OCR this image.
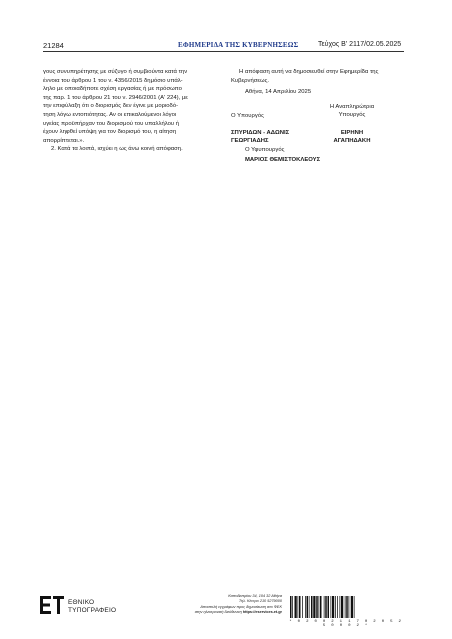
21284	ΕΦΗΜΕΡΙΔΑ ΤΗΣ ΚΥΒΕΡΝΗΣΕΩΣ	Τεύχος Β' 2117/02.05.2025
γους συνυπηρέτησης με σύζυγο ή συμβιούντα κατά την
έννοια του άρθρου 1 του ν. 4356/2015 δημόσιο υπάλ-
ληλο με οποιαδήποτε σχέση εργασίας ή με πρόσωπο
της παρ. 1 του άρθρου 21 του ν. 2946/2001 (Α' 224), με
την επιφύλαξη ότι ο διορισμός δεν έγινε με μοριοδό-
τηση λόγω εντοπιότητας. Αν οι επικαλούμενοι λόγοι
υγείας προϋπήρχαν του διορισμού του υπαλλήλου ή
έχουν ληφθεί υπόψη για τον διορισμό του, η αίτηση
απορρίπτεται.».
2. Κατά τα λοιπά, ισχύει η ως άνω κοινή απόφαση.
Η απόφαση αυτή να δημοσιευθεί στην Εφημερίδα της
Κυβερνήσεως.
Αθήνα, 14 Απριλίου 2025
Η Αναπληρώτρια
Υπουργός
Ο Υπουργός
ΣΠΥΡΙΔΩΝ - ΑΔΩΝΙΣ
ΓΕΩΡΓΙΑΔΗΣ
ΕΙΡΗΝΗ
ΑΓΑΠΗΔΑΚΗ
Ο Υφυπουργός
ΜΑΡΙΟΣ ΘΕΜΙΣΤΟΚΛΕΟΥΣ
ΕΘΝΙΚΟ
ΤΥΠΟΓΡΑΦΕΙΟ
Καποδιστρίου 34, 104 32 Αθήνα
Τηλ. Κέντρο 210 5279000
Αποστολή εγγράφων προς δημοσίευση στο ΦΕΚ
στην ηλεκτρονική διεύθυνση https://eservices.et.gr
* 0 2 0 0 2 1 1 7 0 2 0 5 2 5 0 0 0 2 *
